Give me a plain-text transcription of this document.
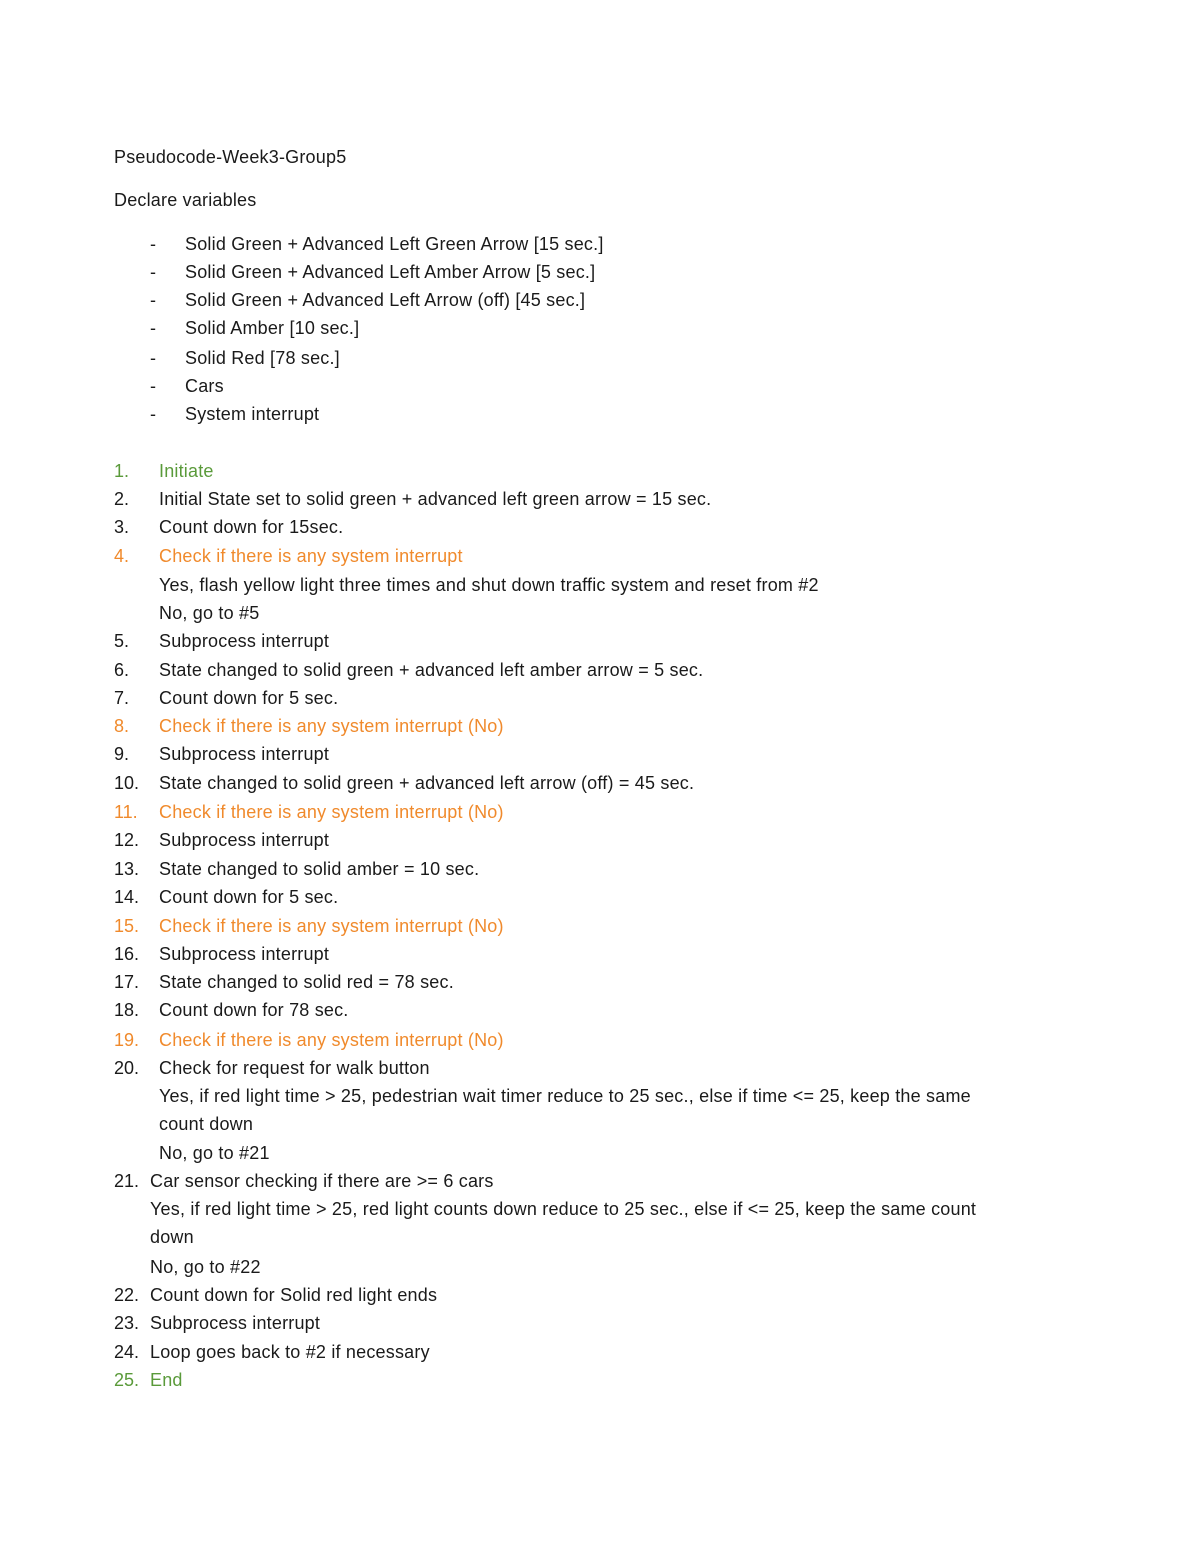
Pseudocode-Week3-Group5
Declare variables
- Solid Green + Advanced Left Green Arrow [15 sec.]
- Solid Green + Advanced Left Amber Arrow [5 sec.]
- Solid Green + Advanced Left Arrow (off) [45 sec.]
- Solid Amber [10 sec.]
- Solid Red [78 sec.]
- Cars
- System interrupt
1. Initiate
2. Initial State set to solid green + advanced left green arrow = 15 sec.
3. Count down for 15sec.
4. Check if there is any system interrupt
Yes, flash yellow light three times and shut down traffic system and reset from #2
No, go to #5
5. Subprocess interrupt
6. State changed to solid green + advanced left amber arrow = 5 sec.
7. Count down for 5 sec.
8. Check if there is any system interrupt (No)
9. Subprocess interrupt
10. State changed to solid green + advanced left arrow (off) = 45 sec.
11. Check if there is any system interrupt (No)
12. Subprocess interrupt
13. State changed to solid amber = 10 sec.
14. Count down for 5 sec.
15. Check if there is any system interrupt (No)
16. Subprocess interrupt
17. State changed to solid red = 78 sec.
18. Count down for 78 sec.
19. Check if there is any system interrupt (No)
20. Check for request for walk button
Yes, if red light time > 25, pedestrian wait timer reduce to 25 sec., else if time <= 25, keep the same
count down
No, go to #21
21. Car sensor checking if there are >= 6 cars
Yes, if red light time > 25, red light counts down reduce to 25 sec., else if <= 25, keep the same count
down
No, go to #22
22. Count down for Solid red light ends
23. Subprocess interrupt
24. Loop goes back to #2 if necessary
25. End
